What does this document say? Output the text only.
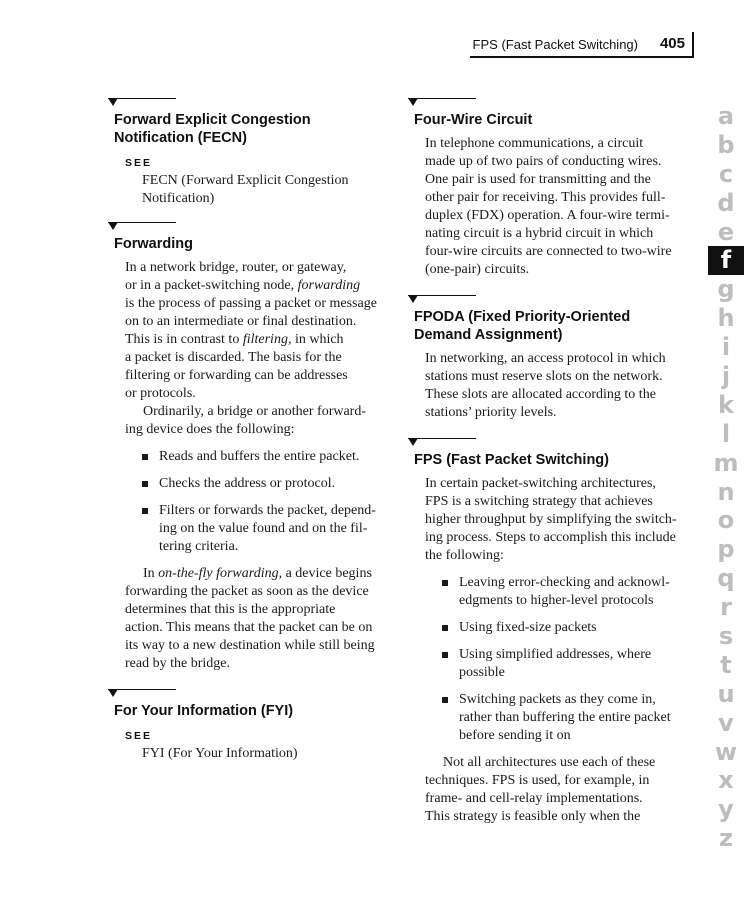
FPS (Fast Packet Switching) 405
Forward Explicit Congestion
Notification (FECN)
SEE
FECN (Forward Explicit Congestion
Notification)
Forwarding

In a network bridge, router, or gateway,
or in a packet-switching node, forwarding
is the process of passing a packet or message
on to an intermediate or final destination.
This is in contrast to filtering, in which
a packet is discarded. The basis for the
filtering or forwarding can be addresses
or protocols.

Ordinarily, a bridge or another forward-
ing device does the following:

Reads and buffers the entire packet.
Checks the address or protocol.
Filters or forwards the packet, depend-
ing on the value found and on the fil-
tering criteria.

In on-the-fly forwarding, a device begins
forwarding the packet as soon as the device
determines that this is the appropriate
action. This means that the packet can be on
its way to a new destination while still being
read by the bridge.

For Your Information (FYI)
SEE
FYI (For Your Information)
Four-Wire Circuit
In telephone communications, a circuit
made up of two pairs of conducting wires.
One pair is used for transmitting and the
other pair for receiving. This provides full-
duplex (FDX) operation. A four-wire termi-
nating circuit is a hybrid circuit in which
four-wire circuits are connected to two-wire
(one-pair) circuits.
FPODA (Fixed Priority-Oriented
Demand Assignment)
In networking, an access protocol in which
stations must reserve slots on the network.
These slots are allocated according to the
stations’ priority levels.
FPS (Fast Packet Switching)

In certain packet-switching architectures,
FPS is a switching strategy that achieves
higher throughput by simplifying the switch-
ing process. Steps to accomplish this include
the following:

Leaving error-checking and acknowl-
edgments to higher-level protocols
Using fixed-size packets
Using simplified addresses, where
possible
Switching packets as they come in,
rather than buffering the entire packet
before sending it on

Not all architectures use each of these
techniques. FPS is used, for example, in
frame- and cell-relay implementations.
This strategy is feasible only when the

a
b
c
d
e
f
g
h
i
j
k
l
m
n
o
p
q
r
s
t
u
v
w
x
y
z
